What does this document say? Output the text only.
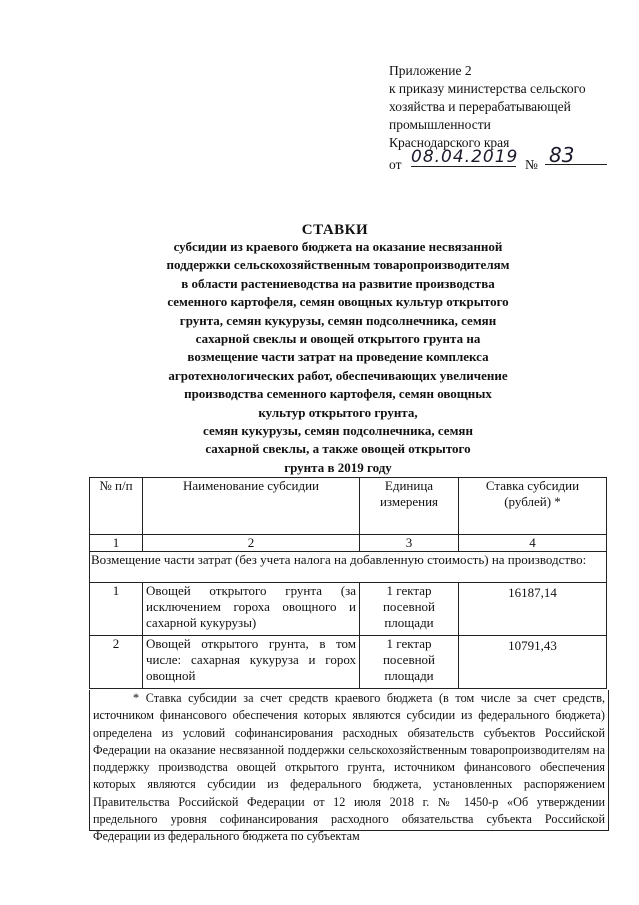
Приложение 2
к приказу министерства сельского
хозяйства и перерабатывающей
промышленности
Краснодарского края
от 08.04.2019 № 83
СТАВКИ
субсидии из краевого бюджета на оказание несвязанной
поддержки сельскохозяйственным товаропроизводителям
в области растениеводства на развитие производства
семенного картофеля, семян овощных культур открытого
грунта, семян кукурузы, семян подсолнечника, семян
сахарной свеклы и овощей открытого грунта на
возмещение части затрат на проведение комплекса
агротехнологических работ, обеспечивающих увеличение
производства семенного картофеля, семян овощных
культур открытого грунта,
семян кукурузы, семян подсолнечника, семян
сахарной свеклы, а также овощей открытого
грунта в 2019 году
№ п/п	Наименование субсидии	Единица измерения	Ставка субсидии (рублей) *
1	2	3	4
Возмещение части затрат (без учета налога на добавленную стоимость) на производство:			
1	Овощей открытого грунта (за исключением гороха овощного и сахарной кукурузы)	1 гектар посевной площади	16187,14
2	Овощей открытого грунта, в том числе: сахарная кукуруза и горох овощной	1 гектар посевной площади	10791,43
* Ставка субсидии за счет средств краевого бюджета (в том числе за счет средств, источником финансового обеспечения которых являются субсидии из федерального бюджета) определена из условий софинансирования расходных обязательств субъектов Российской Федерации на оказание несвязанной поддержки сельскохозяйственным товаропроизводителям на поддержку производства овощей открытого грунта, источником финансового обеспечения которых являются субсидии из федерального бюджета, установленных распоряжением Правительства Российской Федерации от 12 июля 2018 г. № 1450-р «Об утверждении предельного уровня софинансирования расходного обязательства субъекта Российской Федерации из федерального бюджета по субъектам
